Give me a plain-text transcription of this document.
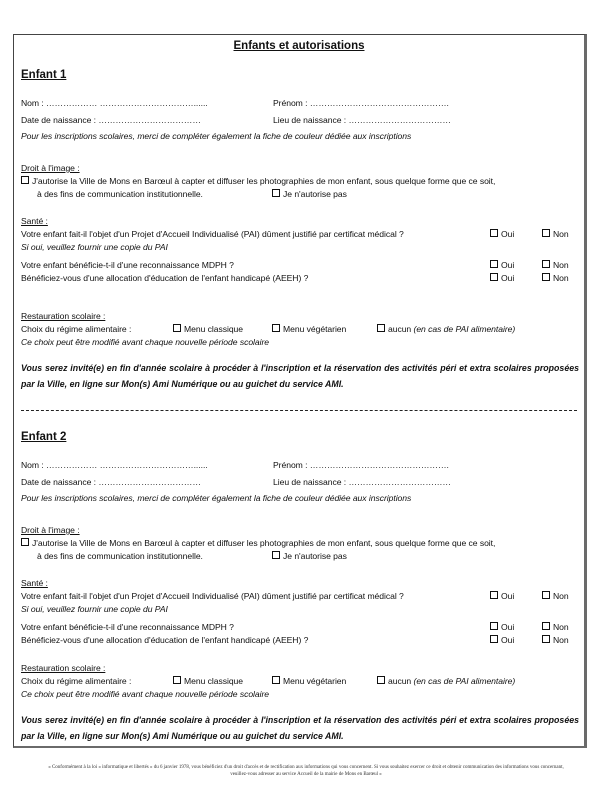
Enfants et autorisations
Enfant 1
Nom : ……………… ……………………………......	Prénom : ………………………………………….
Date de naissance : ………………………………	Lieu de naissance : ………………………………
Pour les inscriptions scolaires, merci de compléter également la fiche de couleur dédiée aux inscriptions
Droit à l'image :
J'autorise la Ville de Mons en Barœul à capter et diffuser les photographies de mon enfant, sous quelque forme que ce soit,
à des fins de communication institutionnelle.	Je n'autorise pas
Santé :
Votre enfant fait-il l'objet d'un Projet d'Accueil Individualisé (PAI) dûment justifié par certificat médical ?	Oui	Non
Si oui, veuillez fournir une copie du PAI
Votre enfant bénéficie-t-il d'une reconnaissance MDPH ?	Oui	Non
Bénéficiez-vous d'une allocation d'éducation de l'enfant handicapé (AEEH) ?	Oui	Non
Restauration scolaire :
Choix du régime alimentaire :	Menu classique	Menu végétarien	aucun (en cas de PAI alimentaire)
Ce choix peut être modifié avant chaque nouvelle période scolaire
Vous serez invité(e) en fin d'année scolaire à procéder à l'inscription et la réservation des activités péri et extra scolaires proposées par la Ville, en ligne sur Mon(s) Ami Numérique ou au guichet du service AMI.
Enfant 2
Nom : ……………… ……………………………......	Prénom : ………………………………………….
Date de naissance : ………………………………	Lieu de naissance : ………………………………
Pour les inscriptions scolaires, merci de compléter également la fiche de couleur dédiée aux inscriptions
Droit à l'image :
J'autorise la Ville de Mons en Barœul à capter et diffuser les photographies de mon enfant, sous quelque forme que ce soit,
à des fins de communication institutionnelle.	Je n'autorise pas
Santé :
Votre enfant fait-il l'objet d'un Projet d'Accueil Individualisé (PAI) dûment justifié par certificat médical ?	Oui	Non
Si oui, veuillez fournir une copie du PAI
Votre enfant bénéficie-t-il d'une reconnaissance MDPH ?	Oui	Non
Bénéficiez-vous d'une allocation d'éducation de l'enfant handicapé (AEEH) ?	Oui	Non
Restauration scolaire :
Choix du régime alimentaire :	Menu classique	Menu végétarien	aucun (en cas de PAI alimentaire)
Ce choix peut être modifié avant chaque nouvelle période scolaire
Vous serez invité(e) en fin d'année scolaire à procéder à l'inscription et la réservation des activités péri et extra scolaires proposées par la Ville, en ligne sur Mon(s) Ami Numérique ou au guichet du service AMI.
« Conformément à la loi « informatique et libertés » du 6 janvier 1978, vous bénéficiez d'un droit d'accès et de rectification aux informations qui vous concernent. Si vous souhaitez exercer ce droit et obtenir communication des informations vous concernant, veuillez-vous adresser au service Accueil de la mairie de Mons en Barœul »
